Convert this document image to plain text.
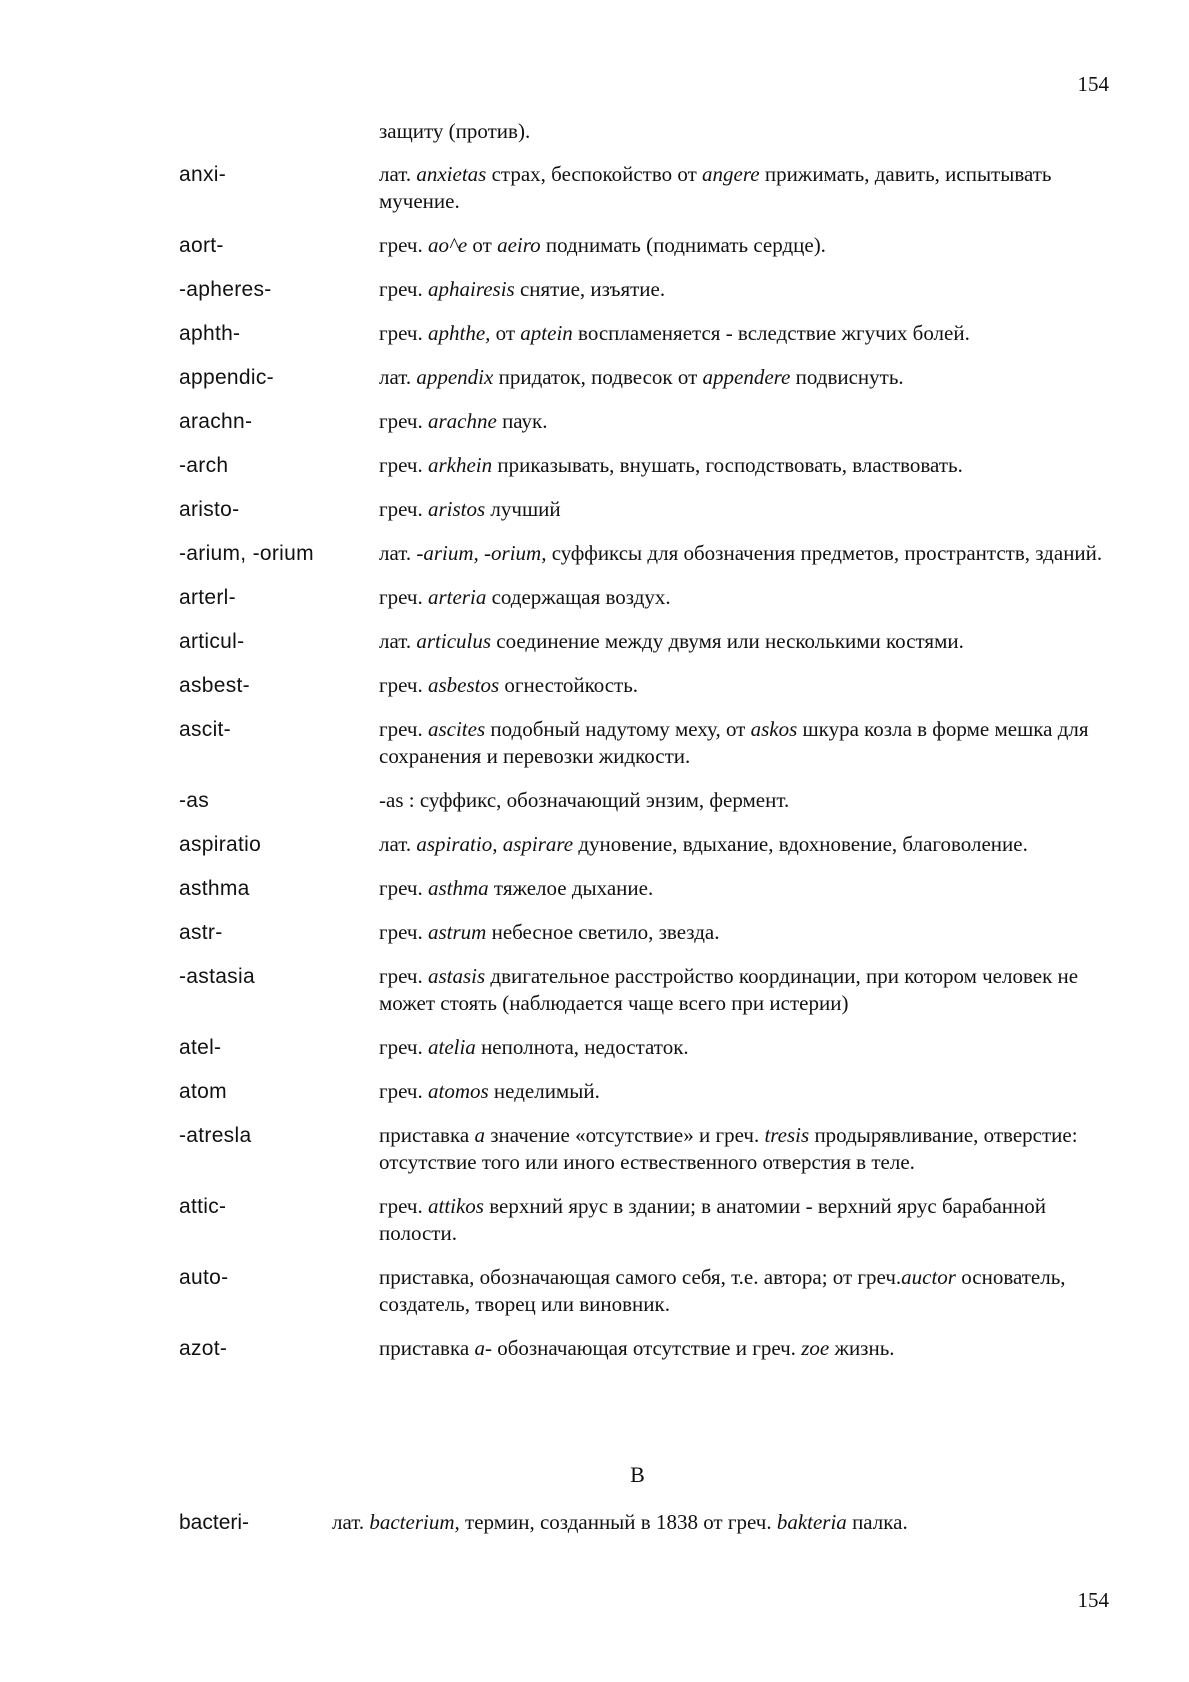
154
защиту (против).
anxi-	лат. anxietas страх, беспокойство от angere прижимать, давить, испытывать мучение.
aort-	греч. ao^e от aeiro поднимать (поднимать сердце).
-apheres-	греч. aphairesis снятие, изъятие.
aphth-	греч. aphthe, от aptein воспламеняется - вследствие жгучих болей.
appendic-	лат. appendix придаток, подвесок от appendere подвиснуть.
arachn-	греч. arachne паук.
-arch	греч. arkhein приказывать, внушать, господствовать, властвовать.
aristo-	греч. aristos лучший
-arium, -orium	лат. -arium, -orium, суффиксы для обозначения предметов, пространтств, зданий.
arterl-	греч. arteria содержащая воздух.
articul-	лат. articulus соединение между двумя или несколькими костями.
asbest-	греч. asbestos огнестойкость.
ascit-	греч. ascites подобный надутому меху, от askos шкура козла в форме мешка для сохранения и перевозки жидкости.
-as	-as : суффикс, обозначающий энзим, фермент.
aspiratio	лат. aspiratio, aspirare дуновение, вдыхание, вдохновение, благоволение.
asthma	греч. asthma тяжелое дыхание.
astr-	греч. astrum небесное светило, звезда.
-astasia	греч. astasis двигательное расстройство координации, при котором человек не может стоять (наблюдается чаще всего при истерии)
atel-	греч. atelia неполнота, недостаток.
atom	греч. atomos неделимый.
-atresla	приставка a значение «отсутствие» и греч. tresis продырявливание, отверстие: отсутствие того или иного ествественного отверстия в теле.
attic-	греч. attikos верхний ярус в здании; в анатомии - верхний ярус барабанной полости.
auto-	приставка, обозначающая самого себя, т.е. автора; от греч.auctor основатель, создатель, творец или виновник.
azot-	приставка a- обозначающая отсутствие и греч. zoe жизнь.
B
bacteri-	лат. bacterium, термин, созданный в 1838 от греч. bakteria палка.
154
